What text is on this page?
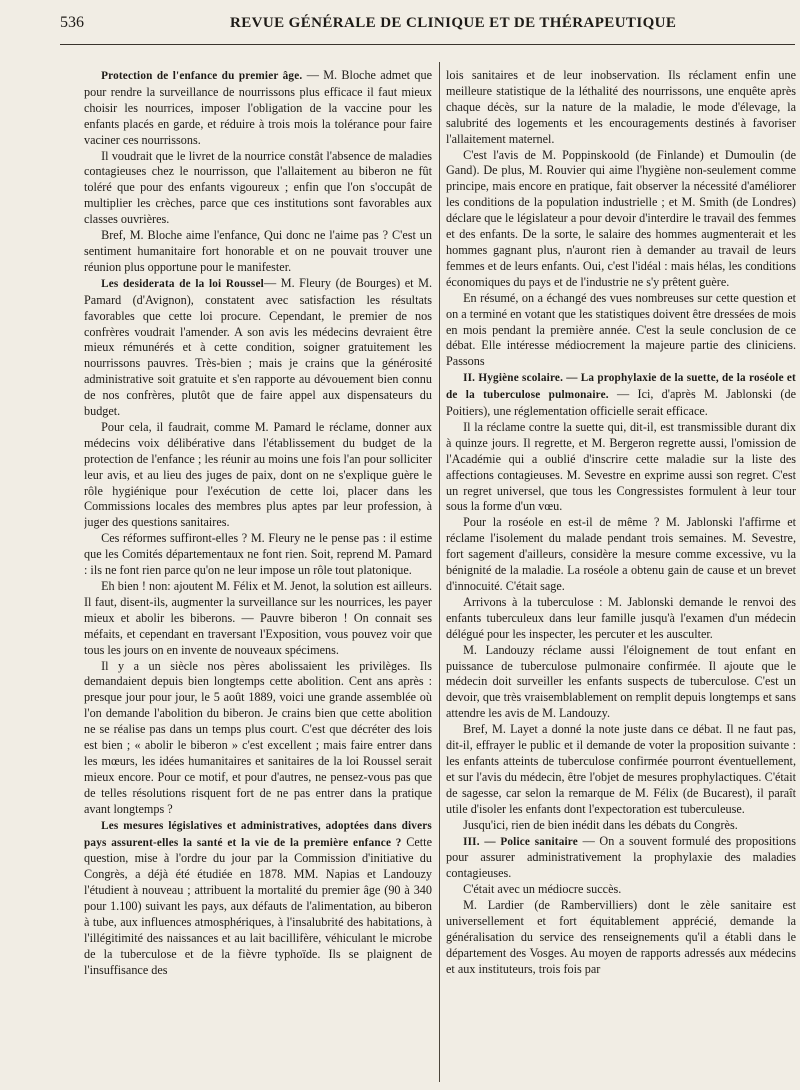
536	REVUE GÉNÉRALE DE CLINIQUE ET DE THÉRAPEUTIQUE

Protection de l'enfance du premier âge. — M. Bloche admet que pour rendre la surveillance de nourrissons plus efficace il faut mieux choisir les nourrices, imposer l'obligation de la vaccine pour les enfants placés en garde, et réduire à trois mois la tolérance pour faire vaciner ces nourrissons.

Il voudrait que le livret de la nourrice constât l'absence de maladies contagieuses chez le nourrisson, que l'allaitement au biberon ne fût toléré que pour des enfants vigoureux ; enfin que l'on s'occupât de multiplier les crèches, parce que ces institutions sont favorables aux classes ouvrières.

Bref, M. Bloche aime l'enfance, Qui donc ne l'aime pas ? C'est un sentiment humanitaire fort honorable et on ne pouvait trouver une réunion plus opportune pour le manifester.

Les desiderata de la loi Roussel— M. Fleury (de Bourges) et M. Pamard (d'Avignon), constatent avec satisfaction les résultats favorables que cette loi procure. Cependant, le premier de nos confrères voudrait l'amender. A son avis les médecins devraient être mieux rémunérés et à cette condition, soigner gratuitement les nourrissons pauvres. Très-bien ; mais je crains que la générosité administrative soit gratuite et s'en rapporte au dévouement bien connu de nos confrères, plutôt que de faire appel aux dispensateurs du budget.

Pour cela, il faudrait, comme M. Pamard le réclame, donner aux médecins voix délibérative dans l'établissement du budget de la protection de l'enfance ; les réunir au moins une fois l'an pour solliciter leur avis, et au lieu des juges de paix, dont on ne s'explique guère le rôle hygiénique pour l'exécution de cette loi, placer dans les Commissions locales des membres plus aptes par leur profession, à juger des questions sanitaires.

Ces réformes suffiront-elles ? M. Fleury ne le pense pas : il estime que les Comités départementaux ne font rien. Soit, reprend M. Pamard : ils ne font rien parce qu'on ne leur impose un rôle tout platonique.

Eh bien ! non: ajoutent M. Félix et M. Jenot, la solution est ailleurs. Il faut, disent-ils, augmenter la surveillance sur les nourrices, les payer mieux et abolir les biberons. — Pauvre biberon ! On connait ses méfaits, et cependant en traversant l'Exposition, vous pouvez voir que tous les jours on en invente de nouveaux spécimens.

Il y a un siècle nos pères abolissaient les privilèges. Ils demandaient depuis bien longtemps cette abolition. Cent ans après : presque jour pour jour, le 5 août 1889, voici une grande assemblée où l'on demande l'abolition du biberon. Je crains bien que cette abolition ne se réalise pas dans un temps plus court. C'est que décréter des lois est bien ; « abolir le biberon » c'est excellent ; mais faire entrer dans les mœurs, les idées humanitaires et sanitaires de la loi Roussel serait mieux encore. Pour ce motif, et pour d'autres, ne pensez-vous pas que de telles résolutions risquent fort de ne pas entrer dans la pratique avant longtemps ?

Les mesures législatives et administratives, adoptées dans divers pays assurent-elles la santé et la vie de la première enfance ? Cette question, mise à l'ordre du jour par la Commission d'initiative du Congrès, a déjà été étudiée en 1878. MM. Napias et Landouzy l'étudient à nouveau ; attribuent la mortalité du premier âge (90 à 340 pour 1.100) suivant les pays, aux défauts de l'alimentation, au biberon à tube, aux influences atmosphériques, à l'insalubrité des habitations, à l'illégitimité des naissances et au lait bacillifère, véhiculant le microbe de la tuberculose et de la fièvre typhoïde. Ils se plaignent de l'insuffisance des

lois sanitaires et de leur inobservation. Ils réclament enfin une meilleure statistique de la léthalité des nourrissons, une enquête après chaque décès, sur la nature de la maladie, le mode d'élevage, la salubrité des logements et les encouragements destinés à favoriser l'allaitement maternel.

C'est l'avis de M. Poppinskoold (de Finlande) et Dumoulin (de Gand). De plus, M. Rouvier qui aime l'hygiène non-seulement comme principe, mais encore en pratique, fait observer la nécessité d'améliorer les conditions de la population industrielle ; et M. Smith (de Londres) déclare que le législateur a pour devoir d'interdire le travail des femmes et des enfants. De la sorte, le salaire des hommes augmenterait et les hommes gagnant plus, n'auront rien à demander au travail de leurs femmes et de leurs enfants. Oui, c'est l'idéal : mais hélas, les conditions économiques du pays et de l'industrie ne s'y prêtent guère.

En résumé, on a échangé des vues nombreuses sur cette question et on a terminé en votant que les statistiques doivent être dressées de mois en mois pendant la première année. C'est la seule conclusion de ce débat. Elle intéresse médiocrement la majeure partie des cliniciens. Passons

II. Hygiène scolaire. — La prophylaxie de la suette, de la roséole et de la tuberculose pulmonaire. — Ici, d'après M. Jablonski (de Poitiers), une réglementation officielle serait efficace.

Il la réclame contre la suette qui, dit-il, est transmissible durant dix à quinze jours. Il regrette, et M. Bergeron regrette aussi, l'omission de l'Académie qui a oublié d'inscrire cette maladie sur la liste des affections contagieuses. M. Sevestre en exprime aussi son regret. C'est un regret universel, que tous les Congressistes formulent à leur tour sous la forme d'un vœu.

Pour la roséole en est-il de même ? M. Jablonski l'affirme et réclame l'isolement du malade pendant trois semaines. M. Sevestre, fort sagement d'ailleurs, considère la mesure comme excessive, vu la bénignité de la maladie. La roséole a obtenu gain de cause et un brevet d'innocuité. C'était sage.

Arrivons à la tuberculose : M. Jablonski demande le renvoi des enfants tuberculeux dans leur famille jusqu'à l'examen d'un médecin délégué pour les inspecter, les percuter et les ausculter.

M. Landouzy réclame aussi l'éloignement de tout enfant en puissance de tuberculose pulmonaire confirmée. Il ajoute que le médecin doit surveiller les enfants suspects de tuberculose. C'est un devoir, que très vraisemblablement on remplit depuis longtemps et sans attendre les avis de M. Landouzy.

Bref, M. Layet a donné la note juste dans ce débat. Il ne faut pas, dit-il, effrayer le public et il demande de voter la proposition suivante : les enfants atteints de tuberculose confirmée pourront éventuellement, et sur l'avis du médecin, être l'objet de mesures prophylactiques. C'était de sagesse, car selon la remarque de M. Félix (de Bucarest), il paraît utile d'isoler les enfants dont l'expectoration est tuberculeuse.

Jusqu'ici, rien de bien inédit dans les débats du Congrès.

III. — Police sanitaire — On a souvent formulé des propositions pour assurer administrativement la prophylaxie des maladies contagieuses.

C'était avec un médiocre succès.

M. Lardier (de Rambervilliers) dont le zèle sanitaire est universellement et fort équitablement apprécié, demande la généralisation du service des renseignements qu'il a établi dans le département des Vosges. Au moyen de rapports adressés aux médecins et aux instituteurs, trois fois par
